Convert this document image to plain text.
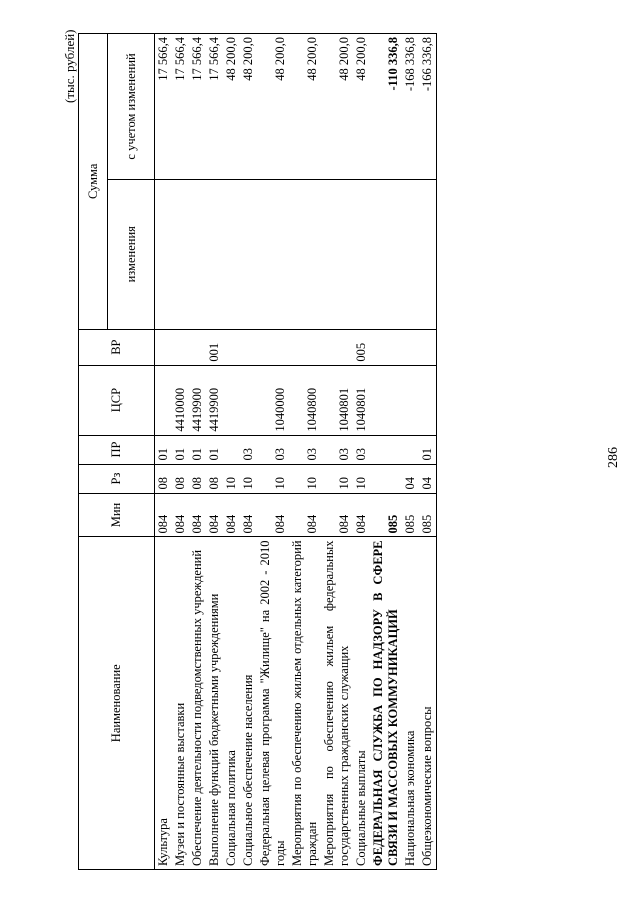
286
(тыс. рублей)
Наименование	Мин	Рз	ПР	ЦСР	ВР	Сумма	
						изменения	с учетом изменений
Культура	084	08	01				17 566,4
Музеи и постоянные выставки	084	08	01	4410000			17 566,4
Обеспечение деятельности подведомственных учреждений	084	08	01	4419900			17 566,4
Выполнение функций бюджетными учреждениями	084	08	01	4419900	001		17 566,4
Социальная политика	084	10					48 200,0
Социальное обеспечение населения	084	10	03				48 200,0
Федеральная целевая программа "Жилище" на 2002 - 2010 годы	084	10	03	1040000			48 200,0
Мероприятия по обеспечению жильем отдельных категорий граждан	084	10	03	1040800			48 200,0
Мероприятия по обеспечению жильем федеральных государственных гражданских служащих	084	10	03	1040801			48 200,0
Социальные выплаты	084	10	03	1040801	005		48 200,0
ФЕДЕРАЛЬНАЯ СЛУЖБА ПО НАДЗОРУ В СФЕРЕ СВЯЗИ И МАССОВЫХ КОММУНИКАЦИЙ	085						-110 336,8
Национальная экономика	085	04					-168 336,8
Общеэкономические вопросы	085	04	01				-166 336,8
